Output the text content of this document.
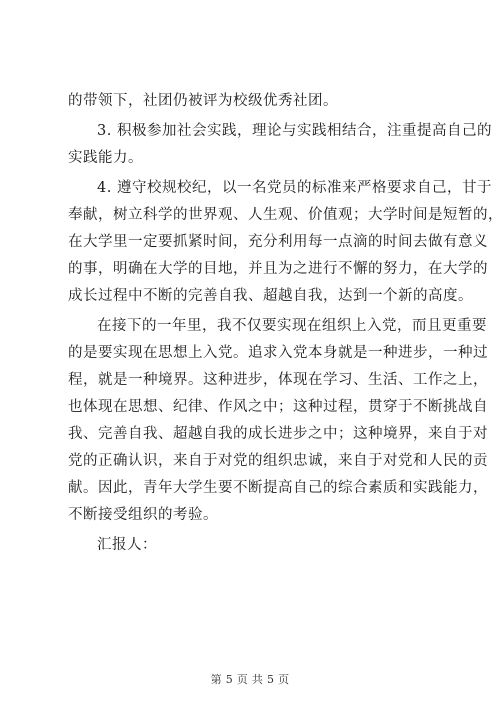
的带领下，社团仍被评为校级优秀社团。

3. 积极参加社会实践，理论与实践相结合，注重提高自己的
实践能力。

4. 遵守校规校纪，以一名党员的标准来严格要求自己，甘于
奉献，树立科学的世界观、人生观、价值观；大学时间是短暂的，
在大学里一定要抓紧时间，充分利用每一点滴的时间去做有意义
的事，明确在大学的目地，并且为之进行不懈的努力，在大学的
成长过程中不断的完善自我、超越自我，达到一个新的高度。

在接下的一年里，我不仅要实现在组织上入党，而且更重要
的是要实现在思想上入党。追求入党本身就是一种进步，一种过
程，就是一种境界。这种进步，体现在学习、生活、工作之上，
也体现在思想、纪律、作风之中；这种过程，贯穿于不断挑战自
我、完善自我、超越自我的成长进步之中；这种境界，来自于对
党的正确认识，来自于对党的组织忠诚，来自于对党和人民的贡
献。因此，青年大学生要不断提高自己的综合素质和实践能力，
不断接受组织的考验。

汇报人：

第 5 页 共 5 页
